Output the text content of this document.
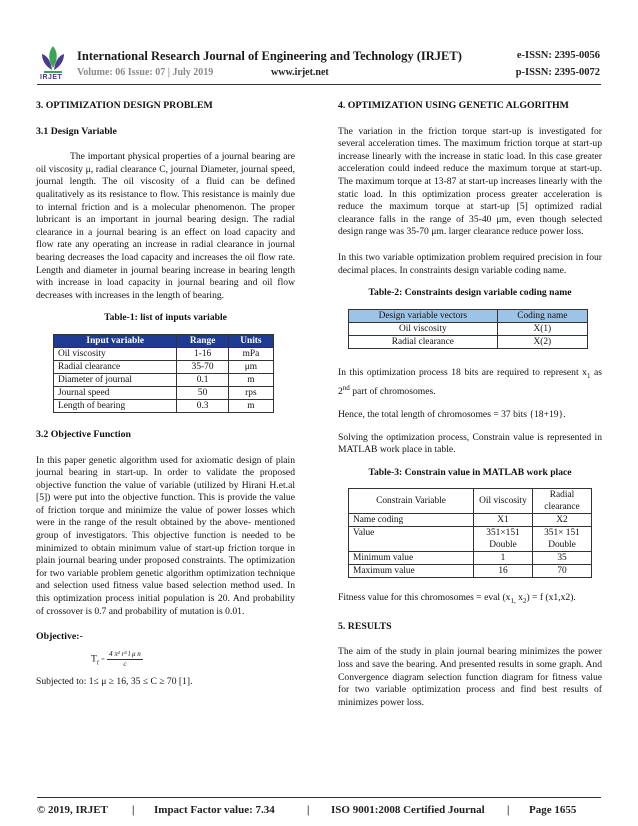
IRJET
International Research Journal of Engineering and Technology (IRJET)
Volume: 06 Issue: 07 | July 2019	www.irjet.net
e-ISSN: 2395-0056
p-ISSN: 2395-0072
3. OPTIMIZATION DESIGN PROBLEM
3.1 Design Variable

The important physical properties of a journal bearing are oil viscosity μ, radial clearance C, journal Diameter, journal speed, journal length. The oil viscosity of a fluid can be defined qualitatively as its resistance to flow. This resistance is mainly due to internal friction and is a molecular phenomenon. The proper lubricant is an important in journal bearing design. The radial clearance in a journal bearing is an effect on load capacity and flow rate any operating an increase in radial clearance in journal bearing decreases the load capacity and increases the oil flow rate. Length and diameter in journal bearing increase in bearing length with increase in load capacity in journal bearing and oil flow decreases with increases in the length of bearing.

Table-1: list of inputs variable
Input variable	Range	Units
Oil viscosity	1-16	mPa
Radial clearance	35-70	μm
Diameter of journal	0.1	m
Journal speed	50	rps
Length of bearing	0.3	m
3.2 Objective Function

In this paper genetic algorithm used for axiomatic design of plain journal bearing in start-up. In order to validate the proposed objective function the value of variable (utilized by Hirani H.et.al [5]) were put into the objective function. This is provide the value of friction torque and minimize the value of power losses which were in the range of the result obtained by the above- mentioned group of investigators. This objective function is needed to be minimized to obtain minimum value of start-up friction torque in plain journal bearing under proposed constraints. The optimization for two variable problem genetic algorithm optimization technique and selection used fitness value based selection method used. In this optimization process initial population is 20. And probability of crossover is 0.7 and probability of mutation is 0.01.

Objective:-
$T_f = \frac{\text{4 π² r³ l μ n}}{c}$

Subjected to: 1≤ μ ≥ 16, 35 ≤ C ≥ 70 [1].

4. OPTIMIZATION USING GENETIC ALGORITHM

The variation in the friction torque start-up is investigated for several acceleration times. The maximum friction torque at start-up increase linearly with the increase in static load. In this case greater acceleration could indeed reduce the maximum torque at start-up. The maximum torque at 13-87 at start-up increases linearly with the static load. In this optimization process greater acceleration is reduce the maximum torque at start-up [5] optimized radial clearance falls in the range of 35-40 μm, even though selected design range was 35-70 μm. larger clearance reduce power loss.

In this two variable optimization problem required precision in four decimal places. In constraints design variable coding name.

Table-2: Constraints design variable coding name
Design variable vectors	Coding name
Oil viscosity	X(1)
Radial clearance	X(2)

In this optimization process 18 bits are required to represent $x_1$ as 2nd part of chromosomes.

Hence, the total length of chromosomes = 37 bits {18+19}.

Solving the optimization process, Constrain value is represented in MATLAB work place in table.

Table-3: Constrain value in MATLAB work place
Constrain Variable	Oil viscosity	Radial clearance
Name coding	X1	X2
Value	351×151 Double	351× 151 Double
Minimum value	1	35
Maximum value	16	70

Fitness value for this chromosomes = eval ($x_{1,}$ $x_2) = f$ (x1,x2).

5. RESULTS

The aim of the study in plain journal bearing minimizes the power loss and save the bearing. And presented results in some graph. And Convergence diagram selection function diagram for fitness value for two variable optimization process and find best results of minimizes power loss.

© 2019, IRJET | Impact Factor value: 7.34	| ISO 9001:2008 Certified Journal | Page 1655
